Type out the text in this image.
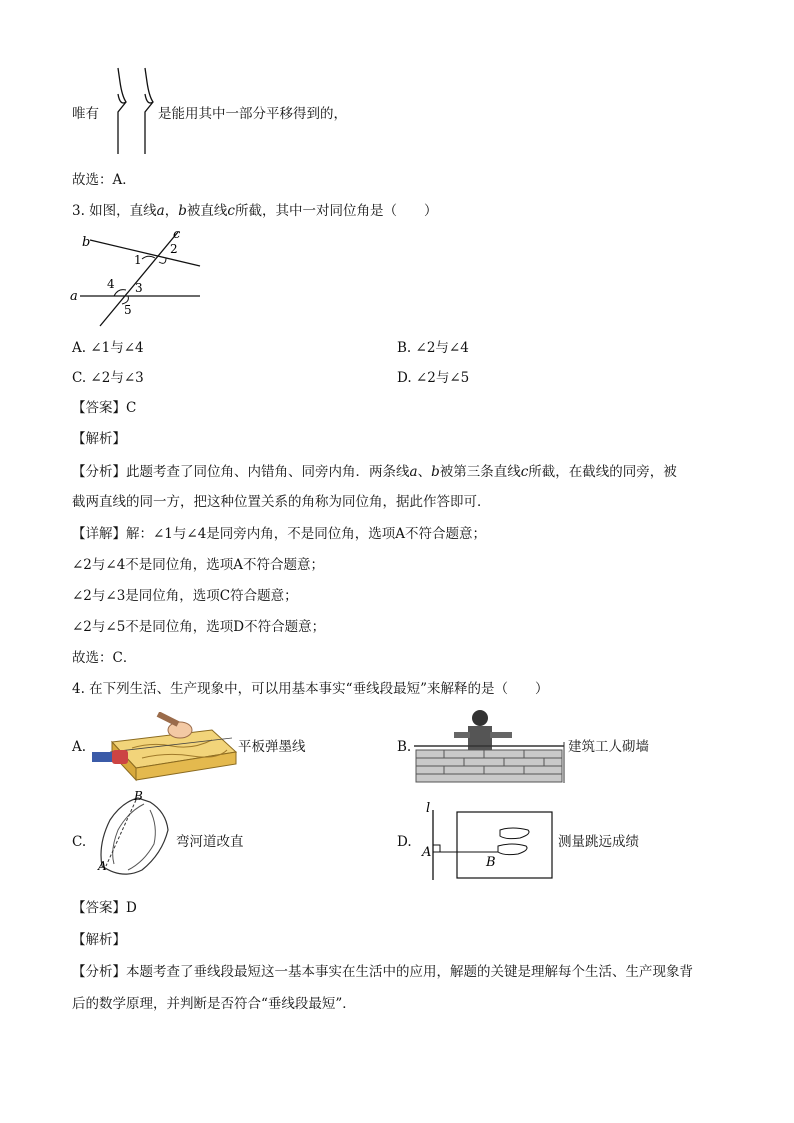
唯有	是能用其中一部分平移得到的，
故选：A．
3. 如图，直线a，b被直线c所截，其中一对同位角是（　　）
b
c
a
1
2
3
4
5
A. ∠1与∠4	B. ∠2与∠4
C. ∠2与∠3	D. ∠2与∠5
【答案】C
【解析】
【分析】此题考查了同位角、内错角、同旁内角．两条线a、b被第三条直线c所截，在截线的同旁，被
截两直线的同一方，把这种位置关系的角称为同位角，据此作答即可．
【详解】解：∠1与∠4是同旁内角，不是同位角，选项A不符合题意；
∠2与∠4不是同位角，选项A不符合题意；
∠2与∠3是同位角，选项C符合题意；
∠2与∠5不是同位角，选项D不符合题意；
故选：C．
4. 在下列生活、生产现象中，可以用基本事实“垂线段最短”来解释的是（　　）
A.	平板弹墨线	B.	建筑工人砌墙
C.
B
A
弯河道改直	D.
l
A
B
测量跳远成绩
【答案】D
【解析】
【分析】本题考查了垂线段最短这一基本事实在生活中的应用，解题的关键是理解每个生活、生产现象背
后的数学原理，并判断是否符合“垂线段最短”．
